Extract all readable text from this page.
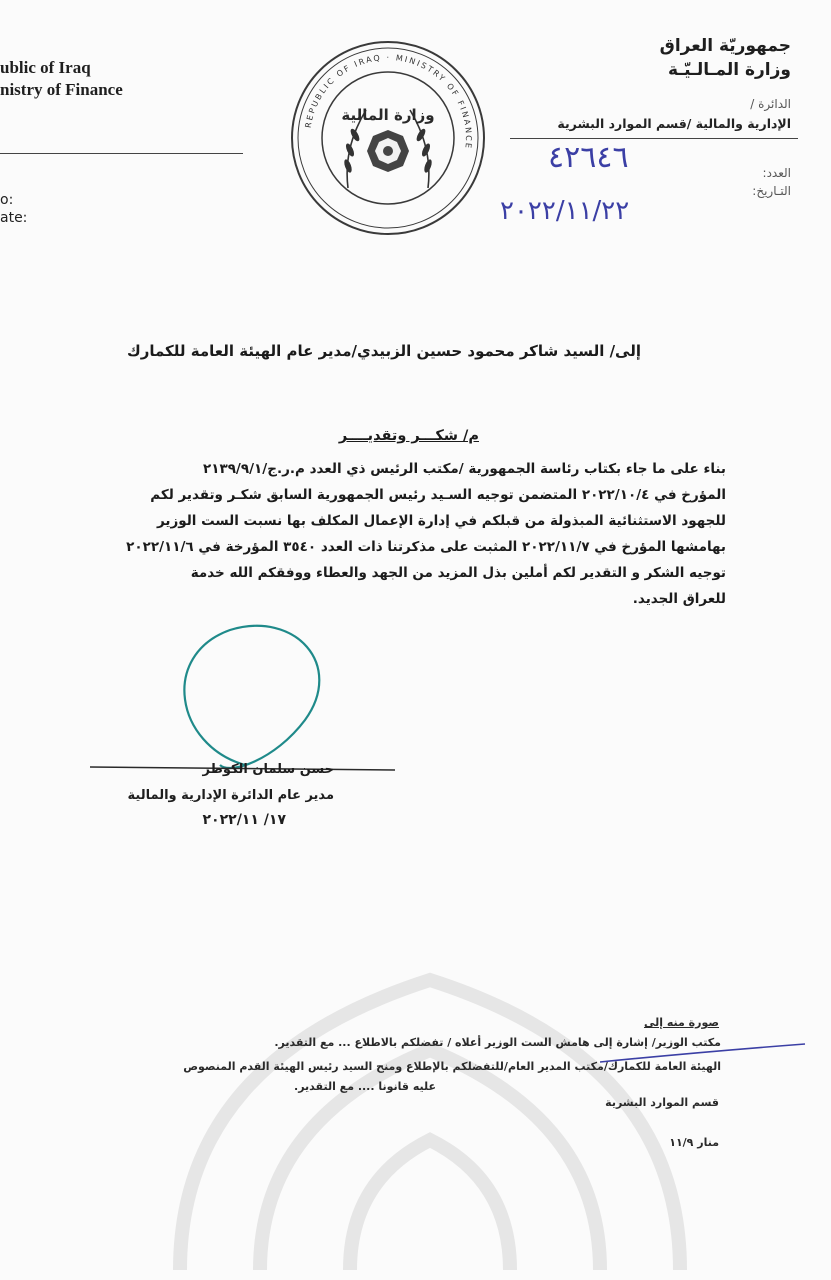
ublic of Iraq
nistry of Finance
o:
ate:
REPUBLIC OF IRAQ · MINISTRY OF FINANCE
وزارة المالية
جمهوريّة العراق
وزارة المـالـيّـة
الدائرة /
الإدارية والمالية /قسم الموارد البشرية
العدد:
التـاريخ:
٤٢٦٤٦
٢٠٢٢/١١/٢٢
إلى/ السيد شاكر محمود حسين الزبيدي/مدير عام الهيئة العامة للكمارك
م/ شكـــر وتقديــــر
بناء على ما جاء بكتاب رئاسة الجمهورية /مكتب الرئيس ذي العدد م.ر.ج/٢١٣٩/٩/١
المؤرخ في ٢٠٢٢/١٠/٤ المتضمن توجيه السـيد رئيس الجمهورية السابق شكـر وتقدير لكم
للجهود الاستثنائية المبذولة من قبلكم في إدارة الإعمال المكلف بها نسبت الست الوزير
بهامشها المؤرخ في ٢٠٢٢/١١/٧ المثبت على مذكرتنا ذات العدد ٣٥٤٠ المؤرخة في ٢٠٢٢/١١/٦
توجيه الشكر و التقدير لكم أملين بذل المزيد من الجهد والعطاء ووفقكم الله خدمة
للعراق الجديد.
حسن سلمان الكوطر
مدير عام الدائرة الإدارية والمالية
١٧/ ٢٠٢٢/١١
صورة منه إلى
مكتب الوزير/ إشارة إلى هامش الست الوزير أعلاه / تفضلكم بالاطلاع ... مع التقدير.
الهيئة العامة للكمارك/مكتب المدير العام/للتفضلكم بالإطلاع ومنح السيد رئيس الهيئة القدم المنصوص
عليه قانونا .... مع التقدير.
قسم الموارد البشرية
منار ١١/٩
